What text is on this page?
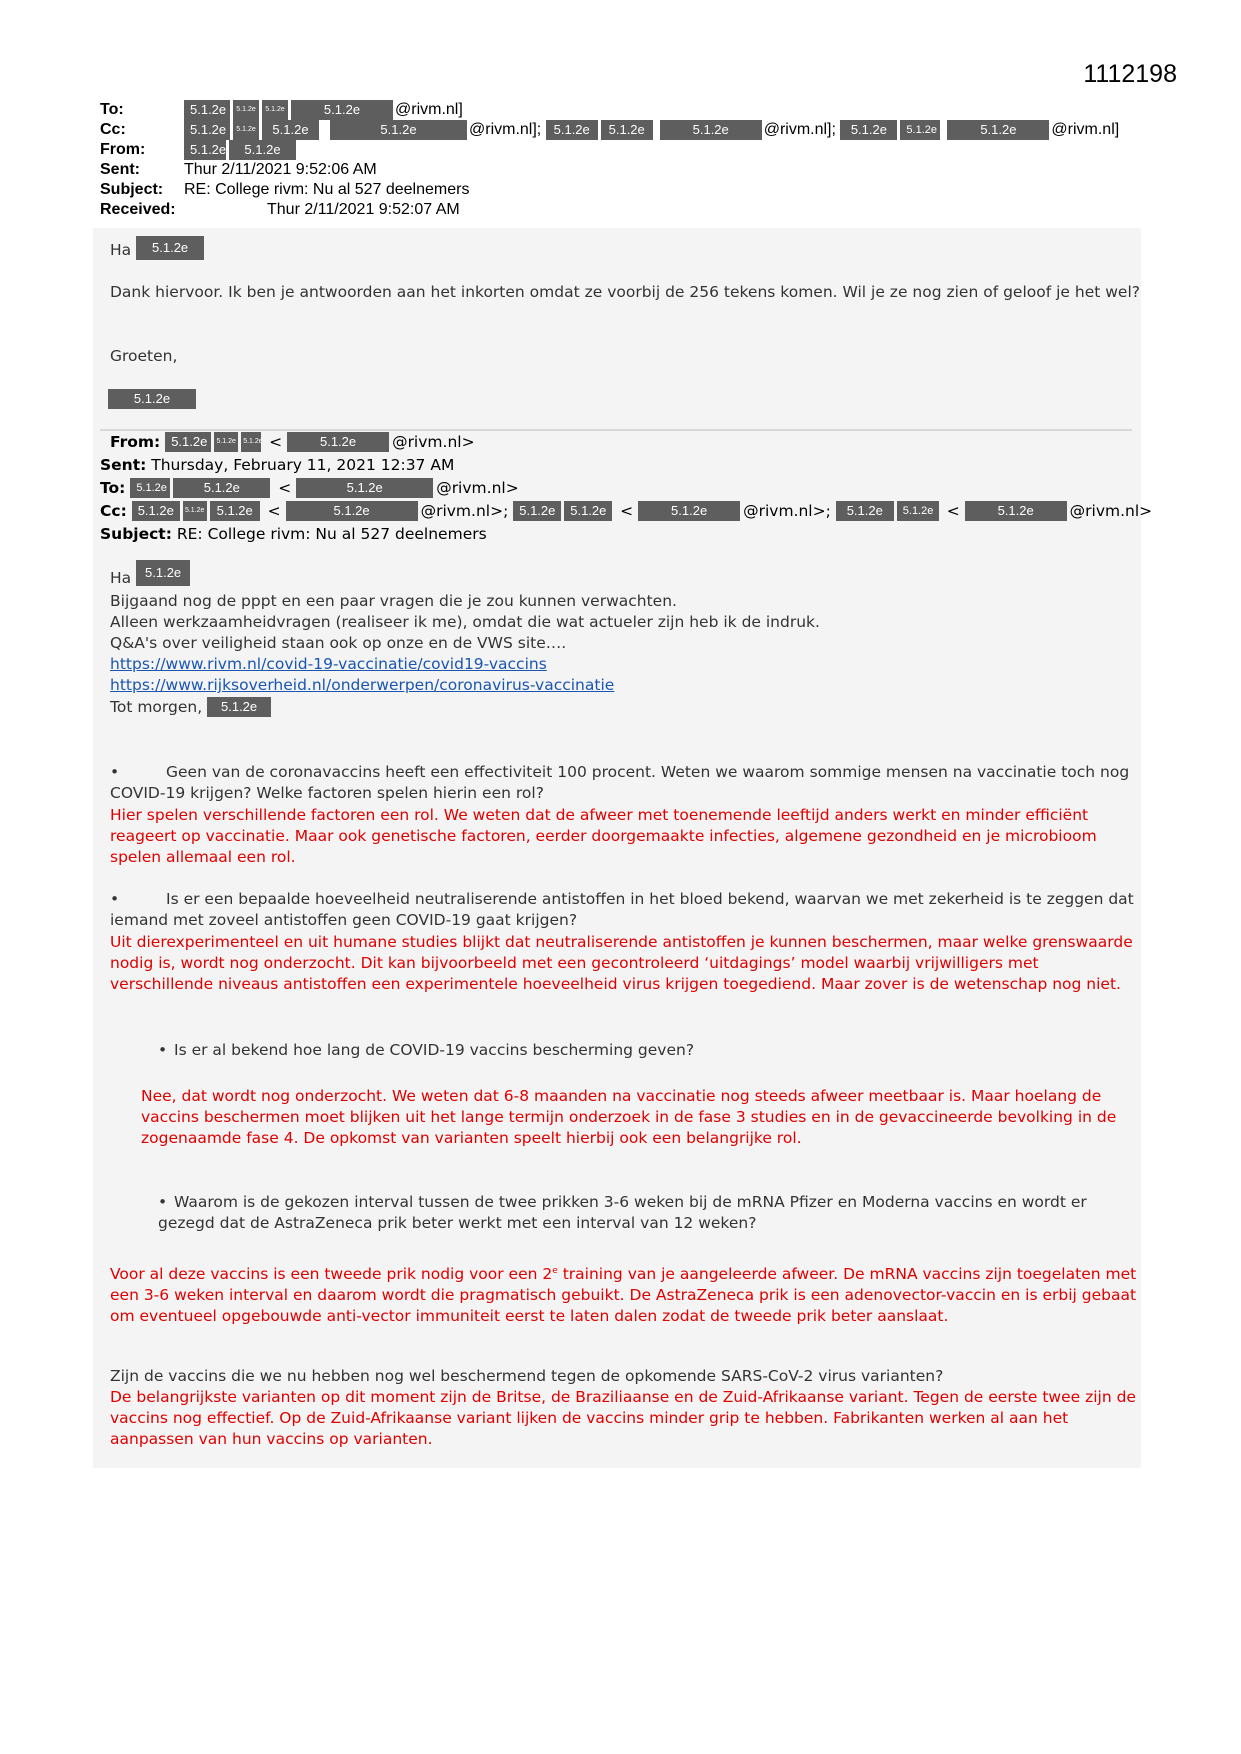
1112198
To:	5.1.2e 5.1.2e 5.1.2e	5.1.2e @rivm.nl]
Cc:	5.1.2e 5.1.2e 5.1.2e	5.1.2e	@rivm.nl]; 5.1.2e 5.1.2e	5.1.2e @rivm.nl]; 5.1.2e 5.1.2e	5.1.2e @rivm.nl]
From:	5.1.2e 5.1.2e
Sent:	Thur 2/11/2021 9:52:06 AM
Subject: RE: College rivm: Nu al 527 deelnemers
Received:	Thur 2/11/2021 9:52:07 AM
Ha 5.1.2e
Dank hiervoor. Ik ben je antwoorden aan het inkorten omdat ze voorbij de 256 tekens komen. Wil je ze nog zien of geloof je het wel?
Groeten,
5.1.2e
From: 5.1.2e 5.1.2e 5.1.2e <	5.1.2e @rivm.nl>
Sent: Thursday, February 11, 2021 12:37 AM
To: 5.1.2e	5.1.2e <	5.1.2e	@rivm.nl>
Cc: 5.1.2e 5.1.2e 5.1.2e <	5.1.2e	@rivm.nl>; 5.1.2e 5.1.2e <	5.1.2e @rivm.nl>; 5.1.2e 5.1.2e <	5.1.2e @rivm.nl>
Subject: RE: College rivm: Nu al 527 deelnemers
Ha 5.1.2e
Bijgaand nog de pppt en een paar vragen die je zou kunnen verwachten.
Alleen werkzaamheidvragen (realiseer ik me), omdat die wat actueler zijn heb ik de indruk.
Q&A's over veiligheid staan ook op onze en de VWS site….
https://www.rivm.nl/covid-19-vaccinatie/covid19-vaccins
https://www.rijksoverheid.nl/onderwerpen/coronavirus-vaccinatie
Tot morgen, 5.1.2e
•	Geen van de coronavaccins heeft een effectiviteit 100 procent. Weten we waarom sommige mensen na vaccinatie toch nog COVID-19 krijgen? Welke factoren spelen hierin een rol?
Hier spelen verschillende factoren een rol. We weten dat de afweer met toenemende leeftijd anders werkt en minder efficiënt reageert op vaccinatie. Maar ook genetische factoren, eerder doorgemaakte infecties, algemene gezondheid en je microbioom spelen allemaal een rol.
•	Is er een bepaalde hoeveelheid neutraliserende antistoffen in het bloed bekend, waarvan we met zekerheid is te zeggen dat iemand met zoveel antistoffen geen COVID-19 gaat krijgen?
Uit dierexperimenteel en uit humane studies blijkt dat neutraliserende antistoffen je kunnen beschermen, maar welke grenswaarde nodig is, wordt nog onderzocht. Dit kan bijvoorbeeld met een gecontroleerd ‘uitdagings’ model waarbij vrijwilligers met verschillende niveaus antistoffen een experimentele hoeveelheid virus krijgen toegediend. Maar zover is de wetenschap nog niet.
• Is er al bekend hoe lang de COVID-19 vaccins bescherming geven?
Nee, dat wordt nog onderzocht. We weten dat 6-8 maanden na vaccinatie nog steeds afweer meetbaar is. Maar hoelang de vaccins beschermen moet blijken uit het lange termijn onderzoek in de fase 3 studies en in de gevaccineerde bevolking in de zogenaamde fase 4. De opkomst van varianten speelt hierbij ook een belangrijke rol.
• Waarom is de gekozen interval tussen de twee prikken 3-6 weken bij de mRNA Pfizer en Moderna vaccins en wordt er gezegd dat de AstraZeneca prik beter werkt met een interval van 12 weken?
Voor al deze vaccins is een tweede prik nodig voor een 2e training van je aangeleerde afweer. De mRNA vaccins zijn toegelaten met een 3-6 weken interval en daarom wordt die pragmatisch gebuikt. De AstraZeneca prik is een adenovector-vaccin en is erbij gebaat om eventueel opgebouwde anti-vector immuniteit eerst te laten dalen zodat de tweede prik beter aanslaat.
Zijn de vaccins die we nu hebben nog wel beschermend tegen de opkomende SARS-CoV-2 virus varianten?
De belangrijkste varianten op dit moment zijn de Britse, de Braziliaanse en de Zuid-Afrikaanse variant. Tegen de eerste twee zijn de vaccins nog effectief. Op de Zuid-Afrikaanse variant lijken de vaccins minder grip te hebben. Fabrikanten werken al aan het aanpassen van hun vaccins op varianten.
